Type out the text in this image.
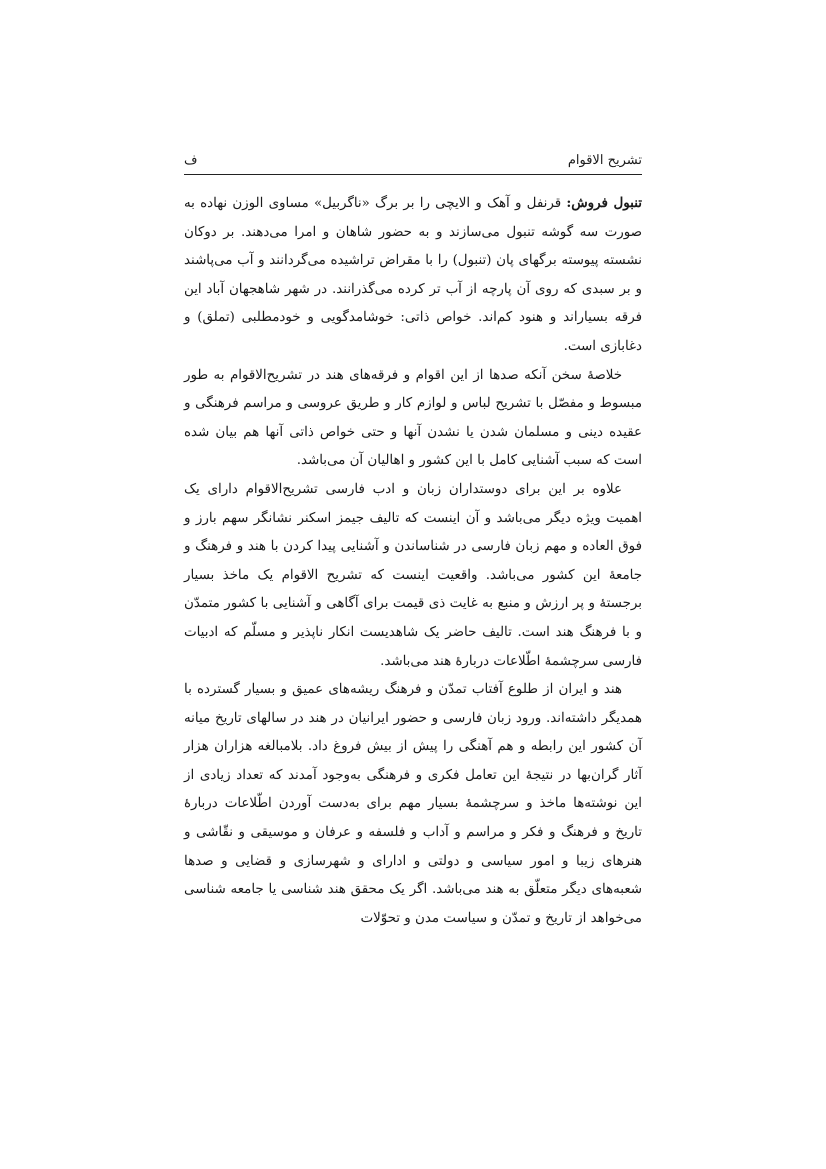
تشریح الاقوام
ف

تنبول فروش: قرنفل و آهک و الایچی را بر برگ «ناگربیل» مساوی الوزن نهاده به صورت سه گوشه تنبول می‌سازند و به حضور شاهان و امرا می‌دهند. بر دوکان نشسته پیوسته برگهای پان (تنبول) را با مقراض تراشیده می‌گردانند و آب می‌پاشند و بر سبدی که روی آن پارچه از آب تر کرده می‌گذرانند. در شهر شاهجهان آباد این فرقه بسیاراند و هنود کم‌اند. خواص ذاتی: خوشامدگویی و خودمطلبی (تملق) و دغابازی است.

خلاصهٔ سخن آنکه صدها از این اقوام و فرقه‌های هند در تشریح‌الاقوام به طور مبسوط و مفصّل با تشریح لباس و لوازم کار و طریق عروسی و مراسم فرهنگی و عقیده دینی و مسلمان شدن یا نشدن آنها و حتی خواص ذاتی آنها هم بیان شده است که سبب آشنایی کامل با این کشور و اهالیان آن می‌باشد.

علاوه بر این برای دوستداران زبان و ادب فارسی تشریح‌الاقوام دارای یک اهمیت ویژه دیگر می‌باشد و آن اینست که تالیف جیمز اسکنر نشانگر سهم بارز و فوق العاده و مهم زبان فارسی در شناساندن و آشنایی پیدا کردن با هند و فرهنگ و جامعهٔ این کشور می‌باشد. واقعیت اینست که تشریح الاقوام یک ماخذ بسیار برجستهٔ و پر ارزش و منبع به غایت ذی قیمت برای آگاهی و آشنایی با کشور متمدّن و با فرهنگ هند است. تالیف حاضر یک شاهدیست انکار ناپذیر و مسلّم که ادبیات فارسی سرچشمهٔ اطّلاعات دربارهٔ هند می‌باشد.

هند و ایران از طلوع آفتاب تمدّن و فرهنگ ریشه‌های عمیق و بسیار گسترده با همدیگر داشته‌اند. ورود زبان فارسی و حضور ایرانیان در هند در سالهای تاریخ میانه آن کشور این رابطه و هم آهنگی را پیش از بیش فروغ داد. بلامبالغه هزاران هزار آثار گران‌بها در نتیجهٔ این تعامل فکری و فرهنگی به‌وجود آمدند که تعداد زیادی از این نوشته‌ها ماخذ و سرچشمهٔ بسیار مهم برای به‌دست آوردن اطّلاعات دربارهٔ تاریخ و فرهنگ و فکر و مراسم و آداب و فلسفه و عرفان و موسیقی و نقّاشی و هنرهای زیبا و امور سیاسی و دولتی و ادارای و شهرسازی و قضایی و صدها شعبه‌های دیگر متعلّق به هند می‌باشد. اگر یک محقق هند شناسی یا جامعه شناسی می‌خواهد از تاریخ و تمدّن و سیاست مدن و تحوّلات
